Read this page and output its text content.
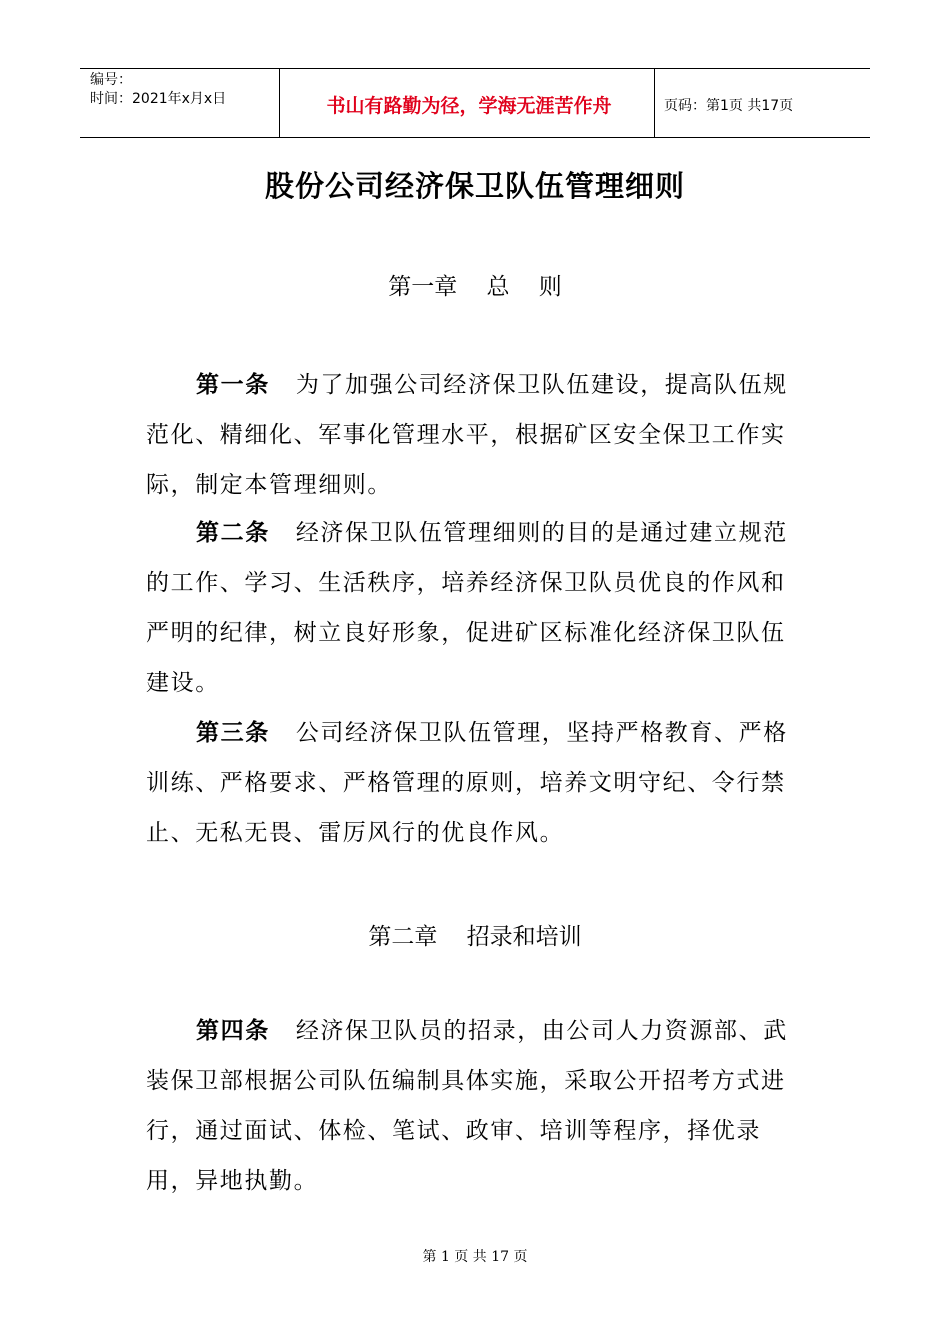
编号：
时间：2021年x月x日	书山有路勤为径，学海无涯苦作舟	页码：第1页 共17页
股份公司经济保卫队伍管理细则
第一章    总    则
第一条 为了加强公司经济保卫队伍建设，提高队伍规范化、精细化、军事化管理水平，根据矿区安全保卫工作实际，制定本管理细则。
第二条 经济保卫队伍管理细则的目的是通过建立规范的工作、学习、生活秩序，培养经济保卫队员优良的作风和严明的纪律，树立良好形象，促进矿区标准化经济保卫队伍建设。
第三条 公司经济保卫队伍管理，坚持严格教育、严格训练、严格要求、严格管理的原则，培养文明守纪、令行禁止、无私无畏、雷厉风行的优良作风。
第二章    招录和培训
第四条 经济保卫队员的招录，由公司人力资源部、武装保卫部根据公司队伍编制具体实施，采取公开招考方式进行，通过面试、体检、笔试、政审、培训等程序，择优录用，异地执勤。
第 1 页 共 17 页
